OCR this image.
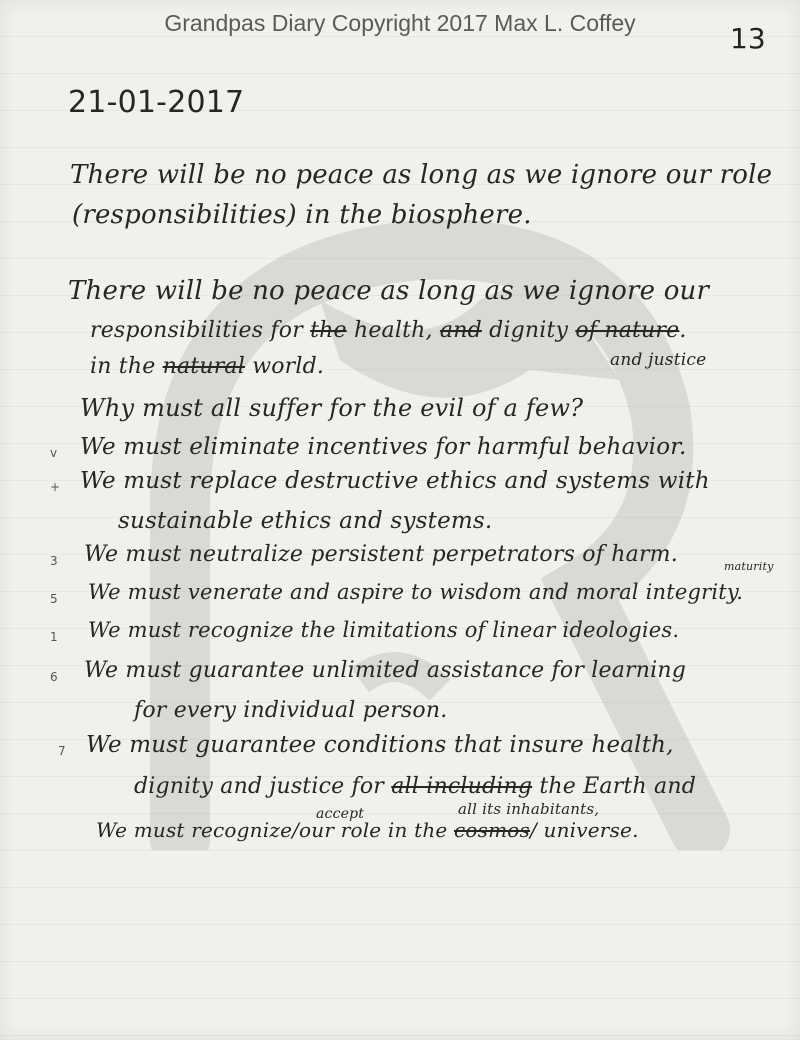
Grandpas Diary Copyright 2017 Max L. Coffey	13
21-01-2017
There will be no peace as long as we ignore our role
(responsibilities) in the biosphere.
There will be no peace as long as we ignore our
responsibilities for the health, and dignity of nature.
and justice
in the natural world.
Why must all suffer for the evil of a few?
v We must eliminate incentives for harmful behavior.
+ We must replace destructive ethics and systems with
sustainable ethics and systems.
3 We must neutralize persistent perpetrators of harm.	maturity
5 We must venerate and aspire to wisdom and moral integrity.
1 We must recognize the limitations of linear ideologies.
6 We must guarantee unlimited assistance for learning
for every individual person.
7 We must guarantee conditions that insure health,
dignity and justice for all including the Earth and
accept	all its inhabitants,
We must recognize/our role in the cosmos/ universe.
